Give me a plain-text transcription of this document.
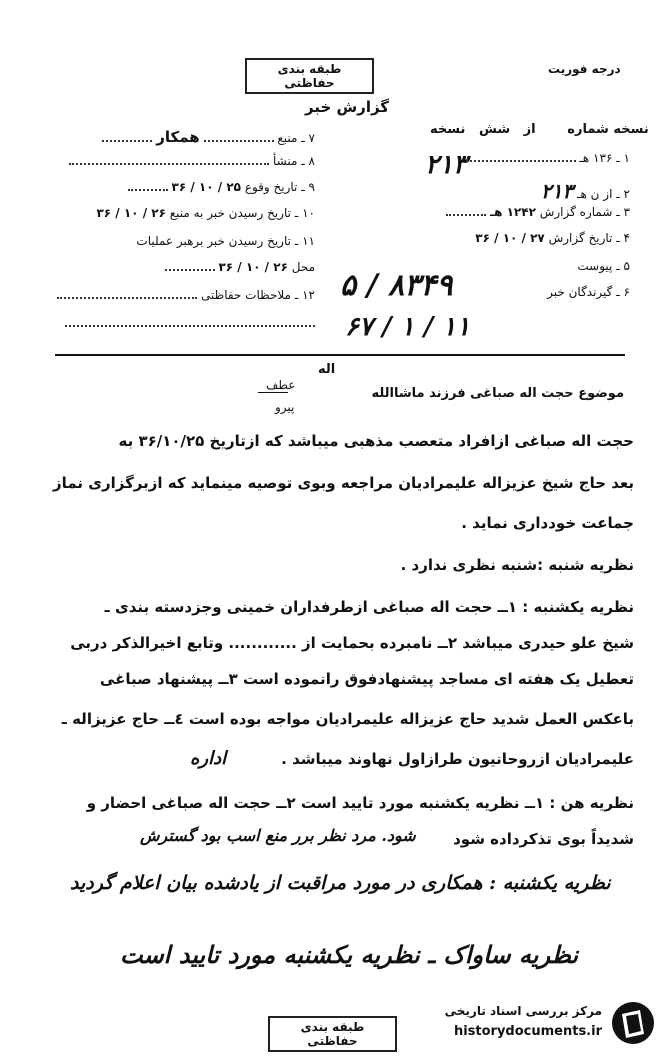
طبقه بندی حفاظتی
درجه فوریت
گزارش خبر
نسخه شماره       از   شش   نسخه
۲۱۳
۷ ـ منبع  همکار
۸ ـ منشأ
۹ ـ تاریخ وقوع ۲۵ / ۱۰ / ۳۶
۱۰ ـ تاریخ رسیدن خبر به منبع ۲۶ / ۱۰ / ۳۶
۱۱ ـ تاریخ رسیدن خبر برهبر عملیات
محل ۲۶ / ۱۰ / ۳۶
۱۲ ـ ملاحظات حفاظتی
۱ ـ ۱۳۶ هـ
۲ ـ از ن هـ ۲۱۳
۳ ـ شماره گزارش ۱۲۴۲ هـ
۴ ـ تاریخ گزارش ۲۷ / ۱۰ / ۳۶
۵ ـ پیوست
۶ ـ گیرندگان خبر
۸۳۴۹ / ۵
۱۱ / ۱ / ۶۷
اله
عطف
پیرو
موضوع حجت اله صباغی فرزند ماشاالله
حجت اله صباغی ازافراد متعصب مذهبی میباشد که ازتاریخ ۳۶/۱۰/۲۵ به
بعد حاج شیخ عزیزاله علیمرادیان مراجعه وبوی توصیه مینماید که ازبرگزاری نماز
جماعت خودداری نماید .
نظریه شنبه :شنبه نظری ندارد .
نظریه یکشنبه : ۱ــ حجت اله صباغی ازطرفداران خمینی وجزدسته بندی ـ
شیخ علو حیدری میباشد ۲ــ نامبرده بحمایت از ............ وتابع اخیرالذکر دربی
تعطیل یک هفته ای مساجد پیشنهادفوق رانموده است ۳ــ پیشنهاد صباغی
باعکس العمل شدید حاج عزیزاله علیمرادیان مواجه بوده است ٤ــ حاج عزیزاله ـ
علیمرادیان ازروحانیون طرازاول نهاوند میباشد .
نظریه هن : ۱ــ نظریه یکشنبه مورد تایید است ۲ــ حجت اله صباغی احضار و
شدیداً بوی تذکرداده شود
اداره
شود. مرد نظر برر منع اسب بود گسترش
نظریه یکشنبه : همکاری در مورد مراقبت از یادشده بیان اعلام گردید
نظریه ساواک ـ نظریه یکشنبه مورد تایید است
طبقه بندی حفاظتی
مرکز بررسی اسناد تاریخی
historydocuments.ir
